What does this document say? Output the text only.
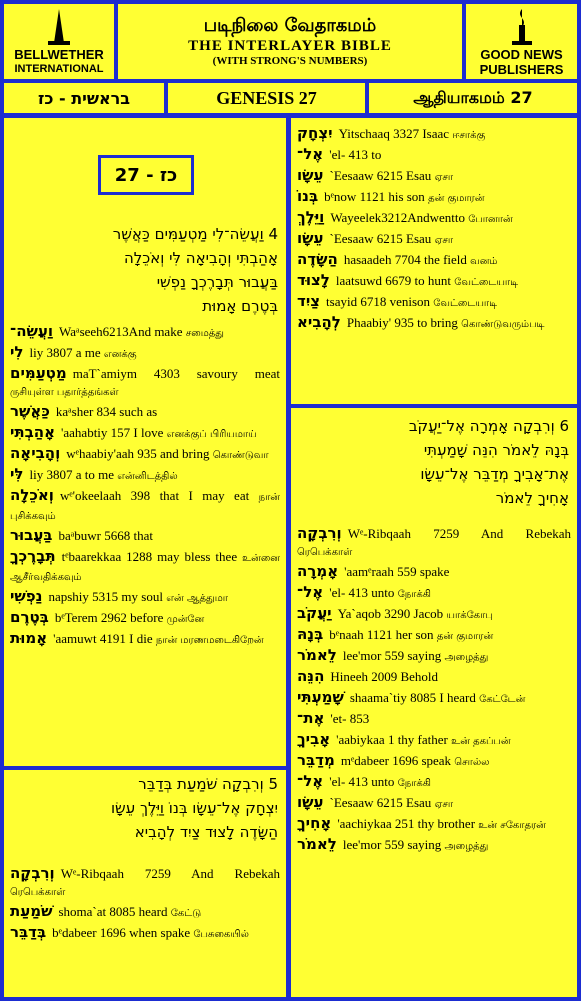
BELLWETHER
INTERNATIONAL
படிநிலை வேதாகமம்
THE INTERLAYER BIBLE
(WITH STRONG'S NUMBERS)	GOOD NEWS
PUBLISHERS
בראשית - כז	GENESIS 27	ஆதியாகமம் 27
27 - כז
4 וַעֲשֵׂה־לִי מַטְעַמִּים כַּאֲשֶׁר
אָהַבְתִּי וְהָבִיאָה לִּי וְאֹכֵלָה
בַּעֲבוּר תְּבָרֶכְךָ נַפְשִׁי
בְּטֶרֶם אָמוּת
וַעֲשֵׂה־ Waᵃseeh6213And make சமைத்து
לִי liy 3807 a me எனக்கு
מַטְעַמִּים maT`amiym 4303 savoury meat ருசியுள்ள பதார்த்தங்கள்
כַּאֲשֶׁר kaᵃsher 834 such as
אָהַבְתִּי 'aahabtiy 157 I love எனக்குப் பிரியமாய்
וְהָבִיאָה wᵉhaabiy'aah 935 and bring கொண்டுவா
לִּי liy 3807 a to me என்னிடத்தில்
וְאֹכֵלָה wᵉ'okeelaah 398 that I may eat நான் புசிக்கவும்
בַּעֲבוּר baᵃbuwr 5668 that
תְּבָרֶכְךָ tᵉbaarekkaa 1288 may bless thee உன்னை ஆசீர்வதிக்கவும்
נַפְשִׁי napshiy 5315 my soul என் ஆத்துமா
בְּטֶרֶם bᵉTerem 2962 before முன்னே
אָמוּת 'aamuwt 4191 I die நான் மரணமடைகிறேன்
5 וְרִבְקָה שֹׁמַעַת בְּדַבֵּר
יִצְחָק אֶל־עֵשָׂו בְּנוֹ וַיֵּלֶךְ עֵשָׂו
הַשָּׂדֶה לָצוּד צַיִד לְהָבִיא
וְרִבְקָה Wᵉ-Ribqaah 7259 And Rebekah ரெபெக்காள்
שֹׁמַעַת shoma`at 8085 heard கேட்டு
בְּדַבֵּר bᵉdabeer 1696 when spake பேசுகையில்
יִצְחָק Yitschaaq 3327 Isaac ஈசாக்கு
אֶל־ 'el- 413 to
עֵשָׂו `Eesaaw 6215 Esau ஏசா
בְּנוֹ bᵉnow 1121 his son தன் குமாரன்
וַיֵּלֶךְ Wayeelek3212Andwentto போனான்
עֵשָׂו `Eesaaw 6215 Esau ஏசா
הַשָּׂדֶה hasaadeh 7704 the field வனம்
לָצוּד laatsuwd 6679 to hunt வேட்டையாடி
צַיִד tsayid 6718 venison வேட்டையாடி
לְהָבִיא Phaabiy' 935 to bring கொண்டுவரும்படி
6 וְרִבְקָה אָמְרָה אֶל־יַעֲקֹב
בְּנָהּ לֵאמֹר הִנֵּה שָׁמַעְתִּי
אֶת־אָבִיךָ מְדַבֵּר אֶל־עֵשָׂו
אָחִיךָ לֵאמֹר
וְרִבְקָה Wᵉ-Ribqaah 7259 And Rebekah ரெபெக்காள்
אָמְרָה 'aamᵉraah 559 spake
אֶל־ 'el- 413 unto நோக்கி
יַעֲקֹב Ya`aqob 3290 Jacob யாக்கோபு
בְּנָהּ bᵉnaah 1121 her son தன் குமாரன்
לֵאמֹר lee'mor 559 saying அழைத்து
הִנֵּה Hineeh 2009 Behold
שָׁמַעְתִּי shaama`tiy 8085 I heard கேட்டேன்
אֶת־ 'et- 853
אָבִיךָ 'aabiykaa 1 thy father உன் தகப்பன்
מְדַבֵּר mᵉdabeer 1696 speak சொல்ல
אֶל־ 'el- 413 unto நோக்கி
עֵשָׂו `Eesaaw 6215 Esau ஏசா
אָחִיךָ 'aachiykaa 251 thy brother உன் சகோதரன்
לֵאמֹר lee'mor 559 saying அழைத்து
